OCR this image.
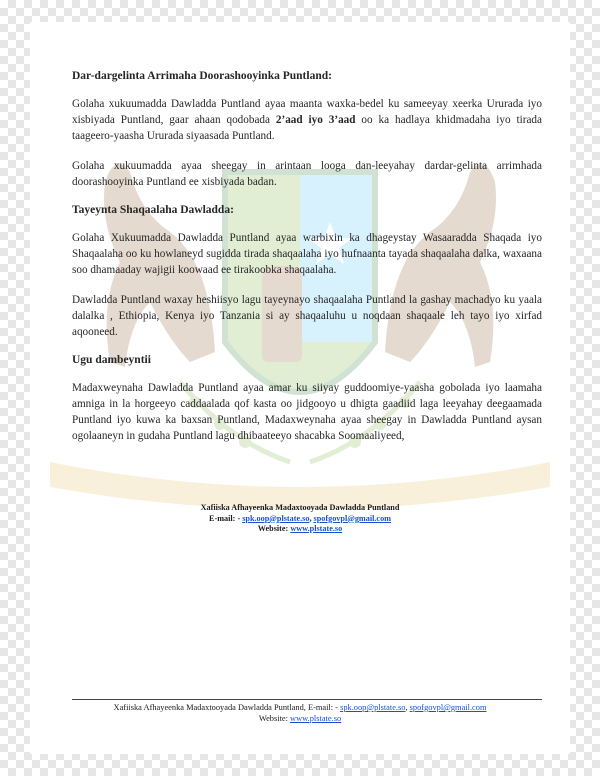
Dar-dargelinta Arrimaha Doorashooyinka Puntland:

Golaha xukuumadda Dawladda Puntland ayaa maanta waxka-bedel ku sameeyay xeerka Ururada iyo xisbiyada Puntland, gaar ahaan qodobada 2’aad iyo 3’aad oo ka hadlaya khidmadaha iyo tirada taageero-yaasha Ururada siyaasada Puntland.

Golaha xukuumadda ayaa sheegay in arintaan looga dan-leeyahay dardar-gelinta arrimhada doorashooyinka Puntland ee xisbiyada badan.

Tayeynta Shaqaalaha Dawladda:

Golaha Xukuumadda Dawladda Puntland ayaa warbixin ka dhageystay Wasaaradda Shaqada iyo Shaqaalaha oo ku howlaneyd sugidda tirada shaqaalaha iyo hufnaanta tayada shaqaalaha dalka, waxaana soo dhamaaday wajigii koowaad ee tirakoobka shaqaalaha.

Dawladda Puntland waxay heshiisyo lagu tayeynayo shaqaalaha Puntland la gashay machadyo ku yaala dalalka , Ethiopia, Kenya iyo Tanzania si ay shaqaaluhu u noqdaan shaqaale leh tayo iyo xirfad aqooneed.

Ugu dambeyntii

Madaxweynaha Dawladda Puntland ayaa amar ku siiyay guddoomiye-yaasha gobolada iyo laamaha amniga in la horgeeyo caddaalada qof kasta oo jidgooyo u dhigta gaadiid laga leeyahay deegaamada Puntland iyo kuwa ka baxsan Puntland, Madaxweynaha ayaa sheegay in Dawladda Puntland aysan ogolaaneyn in gudaha Puntland lagu dhibaateeyo shacabka Soomaaliyeed,

Xafiiska Afhayeenka Madaxtooyada Dawladda Puntland
E-mail: - spk.oop@plstate.so, spofgovpl@gmail.com
Website: www.plstate.so
Xafiiska Afhayeenka Madaxtooyada Dawladda Puntland, E-mail: - spk.oop@plstate.so, spofgovpl@gmail.com
Website: www.plstate.so
